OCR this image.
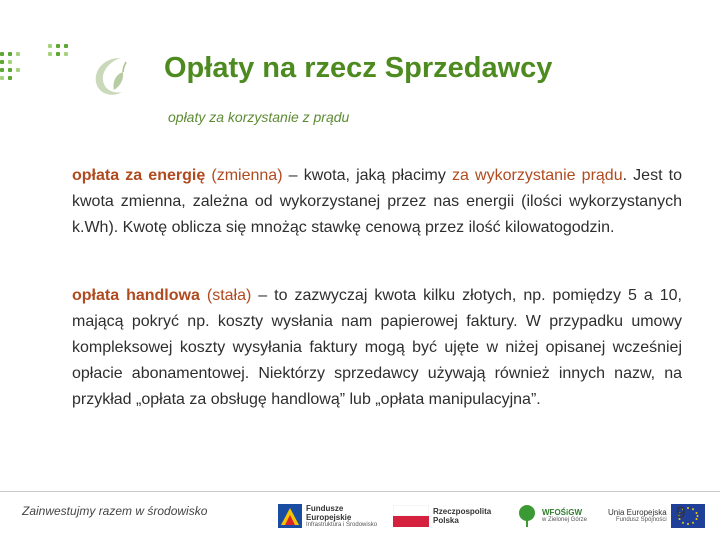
Opłaty na rzecz Sprzedawcy
opłaty za korzystanie z prądu
opłata za energię (zmienna) – kwota, jaką płacimy za wykorzystanie prądu. Jest to kwota zmienna, zależna od wykorzystanej przez nas energii (ilości wykorzystanych k.Wh). Kwotę oblicza się mnożąc stawkę cenową przez ilość kilowatogodzin.
opłata handlowa (stała) – to zazwyczaj kwota kilku złotych, np. pomiędzy 5 a 10, mającą pokryć np. koszty wysłania nam papierowej faktury. W przypadku umowy kompleksowej koszty wysyłania faktury mogą być ujęte w niżej opisanej wcześniej opłacie abonamentowej. Niektórzy sprzedawcy używają również innych nazw, na przykład „opłata za obsługę handlową” lub „opłata manipulacyjna”.
Zainwestujmy razem w środowisko	Fundusze
Europejskie
Infrastruktura i Środowisko
Rzeczpospolita
Polska
WFOŚiGW
w Zielonej Górze
Unia Europejska
Fundusz Spójności 9
